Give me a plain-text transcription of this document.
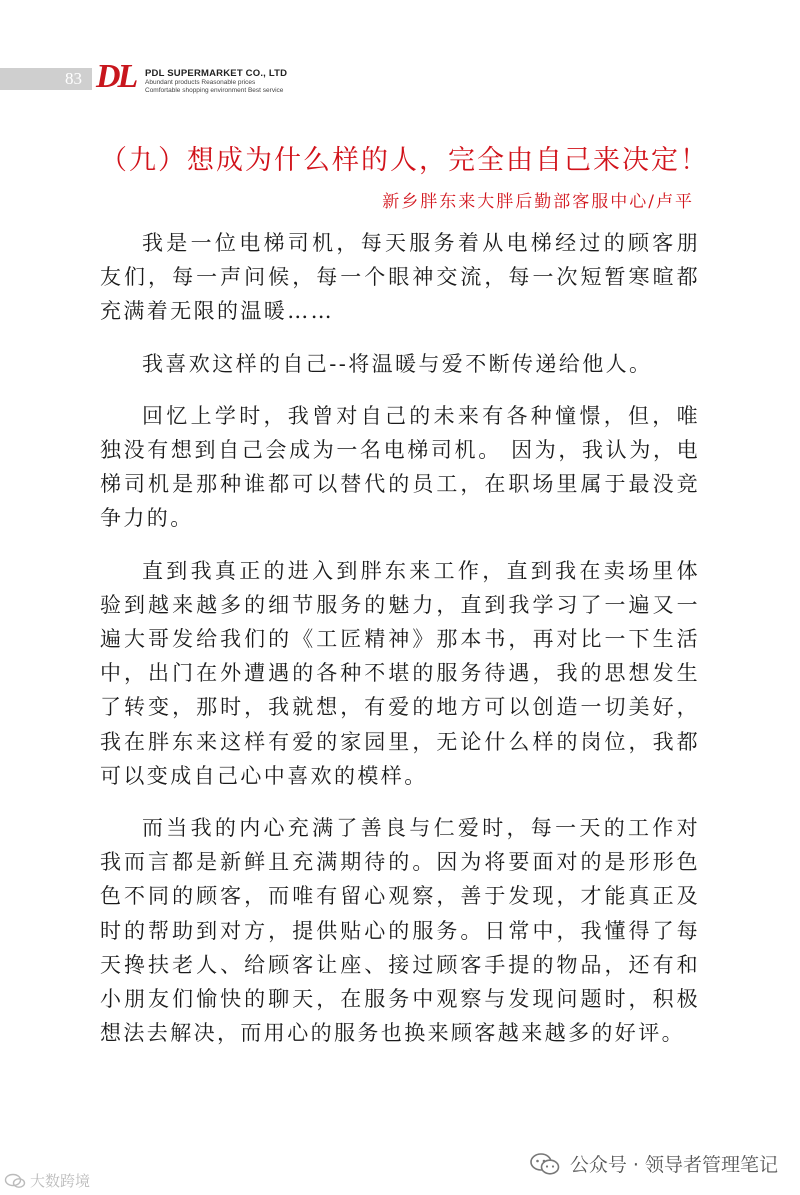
83 DL PDL SUPERMARKET CO., LTD
Abundant products Reasonable prices
Comfortable shopping environment Best service
（九）想成为什么样的人，完全由自己来决定！
新乡胖东来大胖后勤部客服中心/卢平

我是一位电梯司机，每天服务着从电梯经过的顾客朋友们，每一声问候，每一个眼神交流，每一次短暂寒暄都充满着无限的温暖……

我喜欢这样的自己--将温暖与爱不断传递给他人。

回忆上学时，我曾对自己的未来有各种憧憬，但，唯独没有想到自己会成为一名电梯司机。 因为，我认为，电梯司机是那种谁都可以替代的员工，在职场里属于最没竞争力的。

直到我真正的进入到胖东来工作，直到我在卖场里体验到越来越多的细节服务的魅力，直到我学习了一遍又一遍大哥发给我们的《工匠精神》那本书，再对比一下生活中，出门在外遭遇的各种不堪的服务待遇，我的思想发生了转变，那时，我就想，有爱的地方可以创造一切美好，我在胖东来这样有爱的家园里，无论什么样的岗位，我都可以变成自己心中喜欢的模样。

而当我的内心充满了善良与仁爱时，每一天的工作对我而言都是新鲜且充满期待的。因为将要面对的是形形色色不同的顾客，而唯有留心观察，善于发现，才能真正及时的帮助到对方，提供贴心的服务。日常中，我懂得了每天搀扶老人、给顾客让座、接过顾客手提的物品，还有和小朋友们愉快的聊天，在服务中观察与发现问题时，积极想法去解决，而用心的服务也换来顾客越来越多的好评。

公众号 · 领导者管理笔记
大数跨境
